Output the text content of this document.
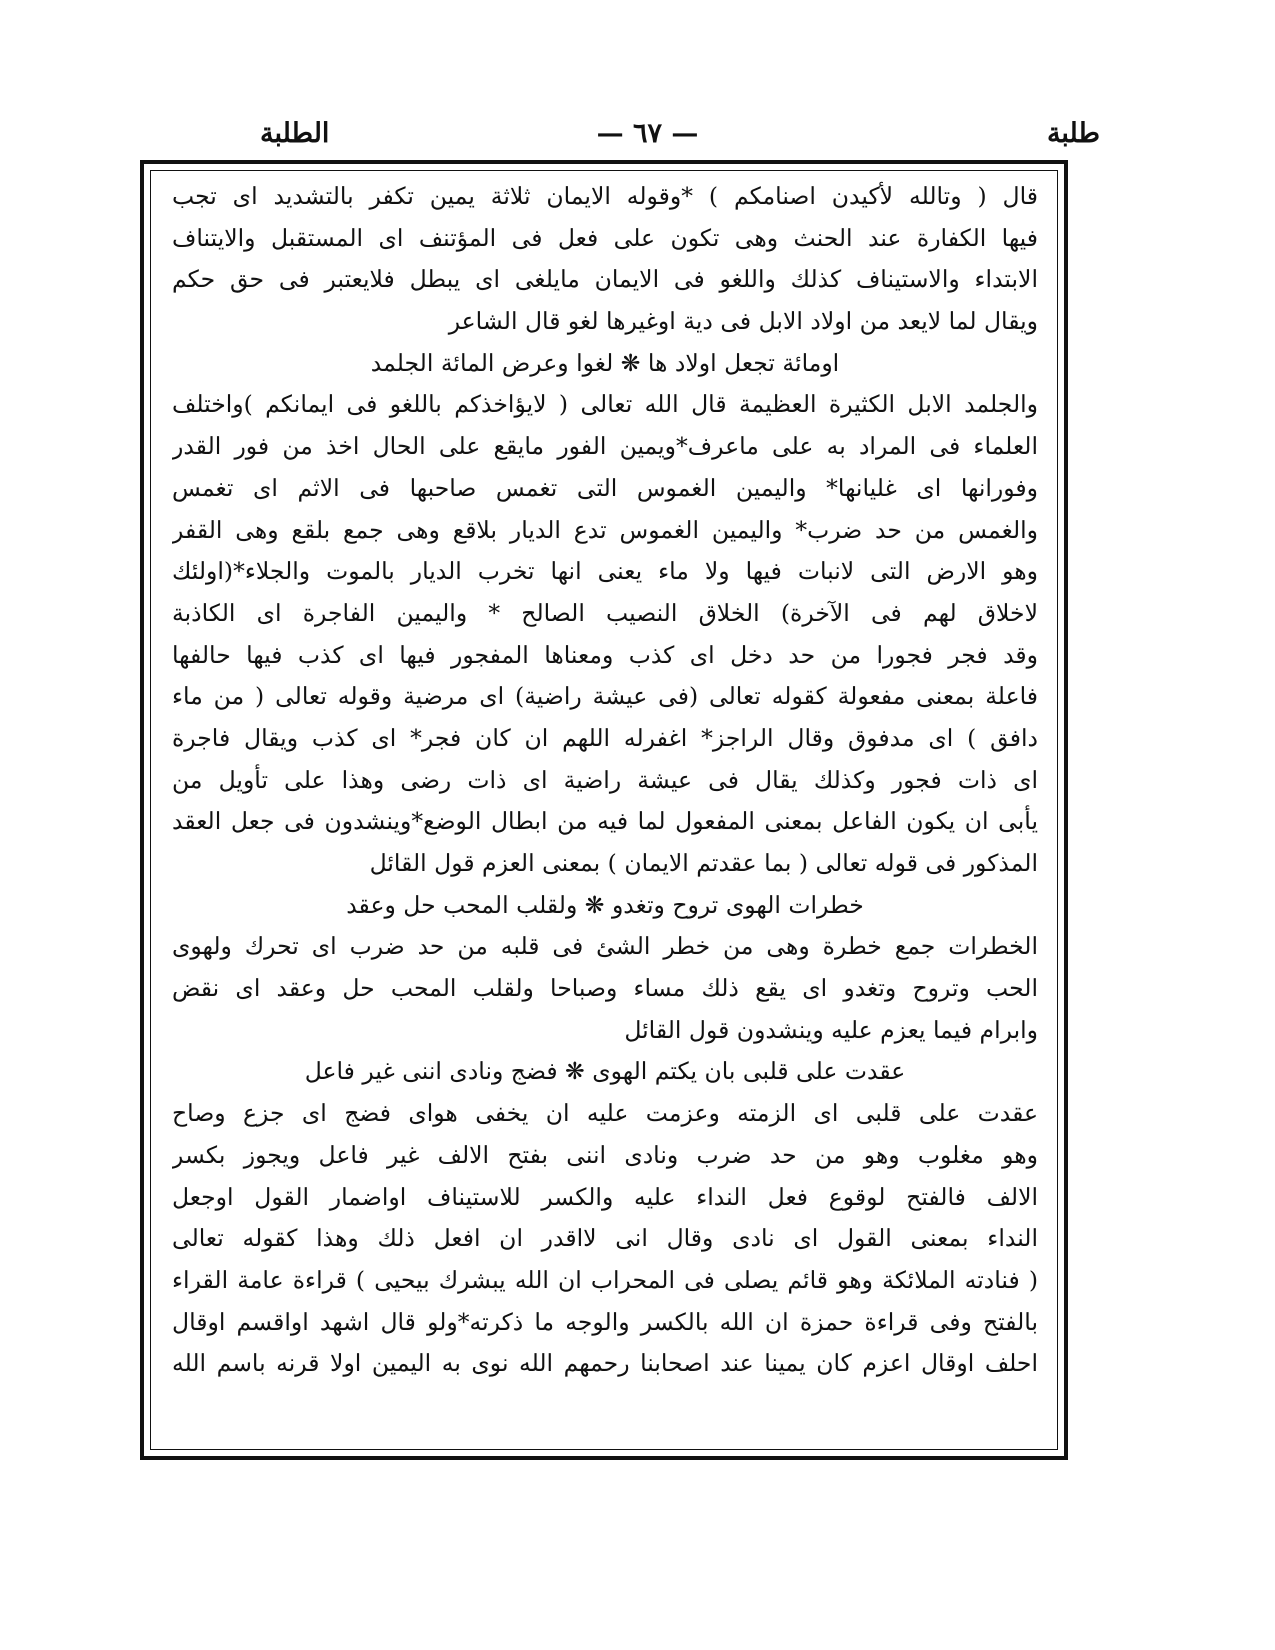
طلبة
— ٦٧ —
الطلبة
قال ( وتالله لأكيدن اصنامكم ) *وقوله الايمان ثلاثة يمين تكفر بالتشديد اى تجب
فيها الكفارة عند الحنث وهى تكون على فعل فى المؤتنف اى المستقبل والايتناف
الابتداء والاستيناف كذلك واللغو فى الايمان مايلغى اى يبطل فلايعتبر فى حق حكم
ويقال لما لايعد من اولاد الابل فى دية اوغيرها لغو قال الشاعر
اومائة تجعل اولاد ها ❋ لغوا وعرض المائة الجلمد
والجلمد الابل الكثيرة العظيمة قال الله تعالى ( لايؤاخذكم باللغو فى ايمانكم )واختلف
العلماء فى المراد به على ماعرف*ويمين الفور مايقع على الحال اخذ من فور القدر
وفورانها اى غليانها* واليمين الغموس التى تغمس صاحبها فى الاثم اى تغمس
والغمس من حد ضرب* واليمين الغموس تدع الديار بلاقع وهى جمع بلقع وهى القفر
وهو الارض التى لانبات فيها ولا ماء يعنى انها تخرب الديار بالموت والجلاء*(اولئك
لاخلاق لهم فى الآخرة) الخلاق النصيب الصالح * واليمين الفاجرة اى الكاذبة
وقد فجر فجورا من حد دخل اى كذب ومعناها المفجور فيها اى كذب فيها حالفها
فاعلة بمعنى مفعولة كقوله تعالى (فى عيشة راضية) اى مرضية وقوله تعالى ( من ماء
دافق ) اى مدفوق وقال الراجز* اغفرله اللهم ان كان فجر* اى كذب ويقال فاجرة
اى ذات فجور وكذلك يقال فى عيشة راضية اى ذات رضى وهذا على تأويل من
يأبى ان يكون الفاعل بمعنى المفعول لما فيه من ابطال الوضع*وينشدون فى جعل العقد
المذكور فى قوله تعالى ( بما عقدتم الايمان ) بمعنى العزم قول القائل
خطرات الهوى تروح وتغدو ❋ ولقلب المحب حل وعقد
الخطرات جمع خطرة وهى من خطر الشئ فى قلبه من حد ضرب اى تحرك ولهوى
الحب وتروح وتغدو اى يقع ذلك مساء وصباحا ولقلب المحب حل وعقد اى نقض
وابرام فيما يعزم عليه وينشدون قول القائل
عقدت على قلبى بان يكتم الهوى ❋ فضج ونادى اننى غير فاعل
عقدت على قلبى اى الزمته وعزمت عليه ان يخفى هواى فضج اى جزع وصاح
وهو مغلوب وهو من حد ضرب ونادى اننى بفتح الالف غير فاعل ويجوز بكسر
الالف فالفتح لوقوع فعل النداء عليه والكسر للاستيناف اواضمار القول اوجعل
النداء بمعنى القول اى نادى وقال انى لااقدر ان افعل ذلك وهذا كقوله تعالى
( فنادته الملائكة وهو قائم يصلى فى المحراب ان الله يبشرك بيحيى ) قراءة عامة القراء
بالفتح وفى قراءة حمزة ان الله بالكسر والوجه ما ذكرته*ولو قال اشهد اواقسم اوقال
احلف اوقال اعزم كان يمينا عند اصحابنا رحمهم الله نوى به اليمين اولا قرنه باسم الله
